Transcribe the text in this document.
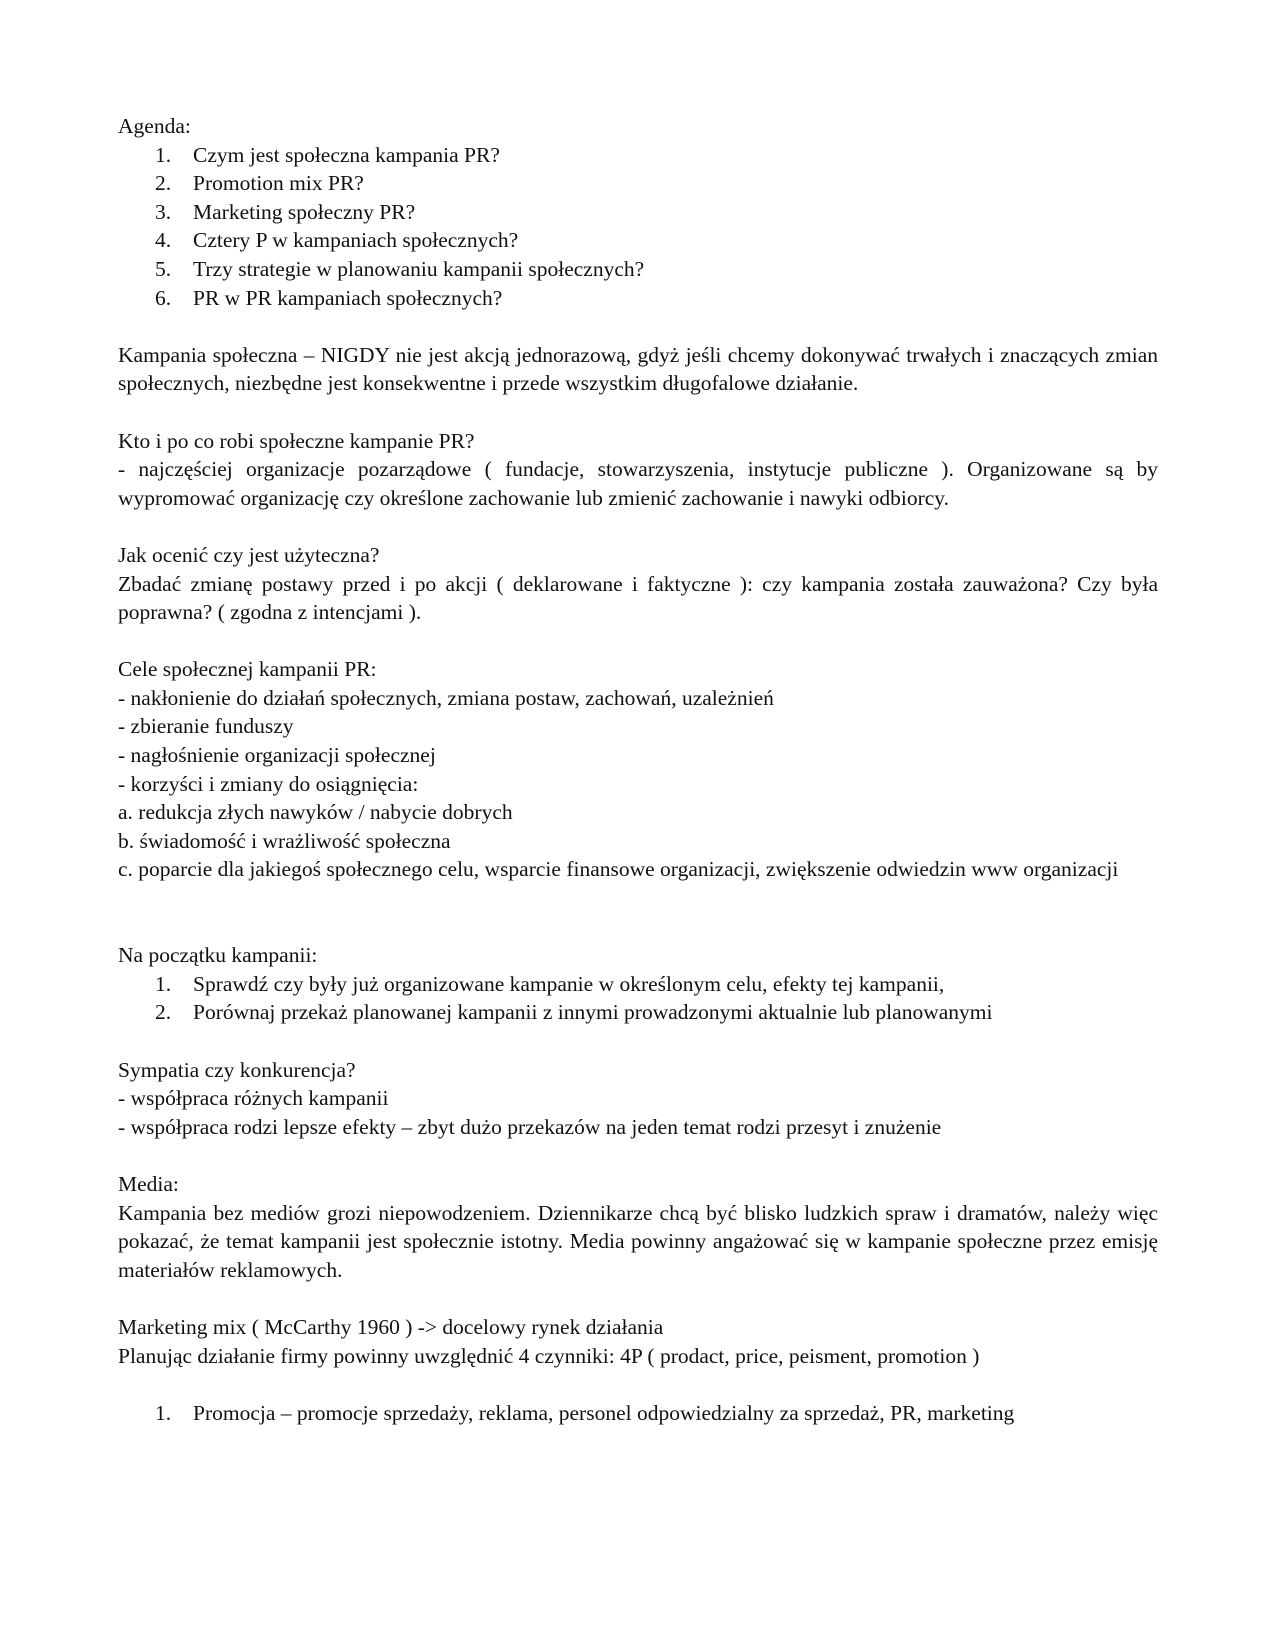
Agenda:

1. Czym jest społeczna kampania PR?
2. Promotion mix PR?
3. Marketing społeczny PR?
4. Cztery P w kampaniach społecznych?
5. Trzy strategie w planowaniu kampanii społecznych?
6. PR w PR kampaniach społecznych?

Kampania społeczna – NIGDY nie jest akcją jednorazową, gdyż jeśli chcemy dokonywać trwałych i znaczących zmian społecznych, niezbędne jest konsekwentne i przede wszystkim długofalowe działanie.

Kto i po co robi społeczne kampanie PR?

- najczęściej organizacje pozarządowe ( fundacje, stowarzyszenia, instytucje publiczne ). Organizowane są by wypromować organizację czy określone zachowanie lub zmienić zachowanie i nawyki odbiorcy.

Jak ocenić czy jest użyteczna?

Zbadać zmianę postawy przed i po akcji ( deklarowane i faktyczne ): czy kampania została zauważona? Czy była poprawna? ( zgodna z intencjami ).

Cele społecznej kampanii PR:

- nakłonienie do działań społecznych, zmiana postaw, zachowań, uzależnień

- zbieranie funduszy

- nagłośnienie organizacji społecznej

- korzyści i zmiany do osiągnięcia:

a. redukcja złych nawyków / nabycie dobrych

b. świadomość i wrażliwość społeczna

c. poparcie dla jakiegoś społecznego celu, wsparcie finansowe organizacji, zwiększenie odwiedzin www organizacji

Na początku kampanii:

1. Sprawdź czy były już organizowane kampanie w określonym celu, efekty tej kampanii,
2. Porównaj przekaż planowanej kampanii z innymi prowadzonymi aktualnie lub planowanymi

Sympatia czy konkurencja?

- współpraca różnych kampanii

- współpraca rodzi lepsze efekty – zbyt dużo przekazów na jeden temat rodzi przesyt i znużenie

Media:

Kampania bez mediów grozi niepowodzeniem. Dziennikarze chcą być blisko ludzkich spraw i dramatów, należy więc pokazać, że temat kampanii jest społecznie istotny. Media powinny angażować się w kampanie społeczne przez emisję materiałów reklamowych.

Marketing mix ( McCarthy 1960 ) -> docelowy rynek działania

Planując działanie firmy powinny uwzględnić 4 czynniki: 4P ( prodact, price, peisment, promotion )

1. Promocja – promocje sprzedaży, reklama, personel odpowiedzialny za sprzedaż, PR, marketing
